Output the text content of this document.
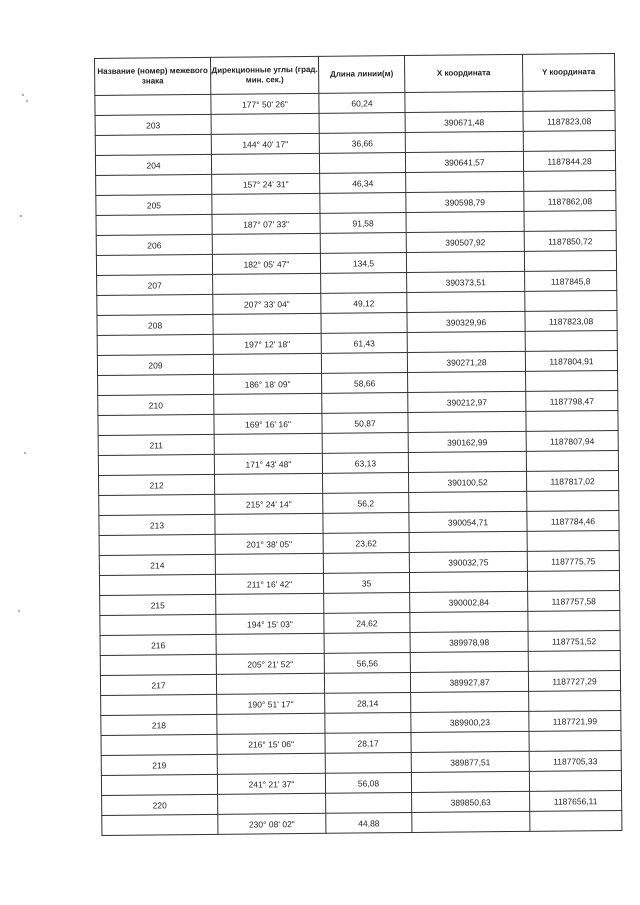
Название (номер) межевого знака	Дирекционные углы (град. мин. сек.)	Длина линии(м)	X координата	Y координата
	177° 50' 26"	60,24		
203			390671,48	1187823,08
	144° 40' 17"	36,66		
204			390641,57	1187844,28
	157° 24' 31"	46,34		
205			390598,79	1187862,08
	187° 07' 33"	91,58		
206			390507,92	1187850,72
	182° 05' 47"	134,5		
207			390373,51	1187845,8
	207° 33' 04"	49,12		
208			390329,96	1187823,08
	197° 12' 18"	61,43		
209			390271,28	1187804,91
	186° 18' 09"	58,66		
210			390212,97	1187798,47
	169° 16' 16"	50,87		
211			390162,99	1187807,94
	171° 43' 48"	63,13		
212			390100,52	1187817,02
	215° 24' 14"	56,2		
213			390054,71	1187784,46
	201° 38' 05"	23,62		
214			390032,75	1187775,75
	211° 16' 42"	35		
215			390002,84	1187757,58
	194° 15' 03"	24,62		
216			389978,98	1187751,52
	205° 21' 52"	56,56		
217			389927,87	1187727,29
	190° 51' 17"	28,14		
218			389900,23	1187721,99
	216° 15' 06"	28,17		
219			389877,51	1187705,33
	241° 21' 37"	56,08		
220			389850,63	1187656,11
	230° 08' 02"	44,88		
